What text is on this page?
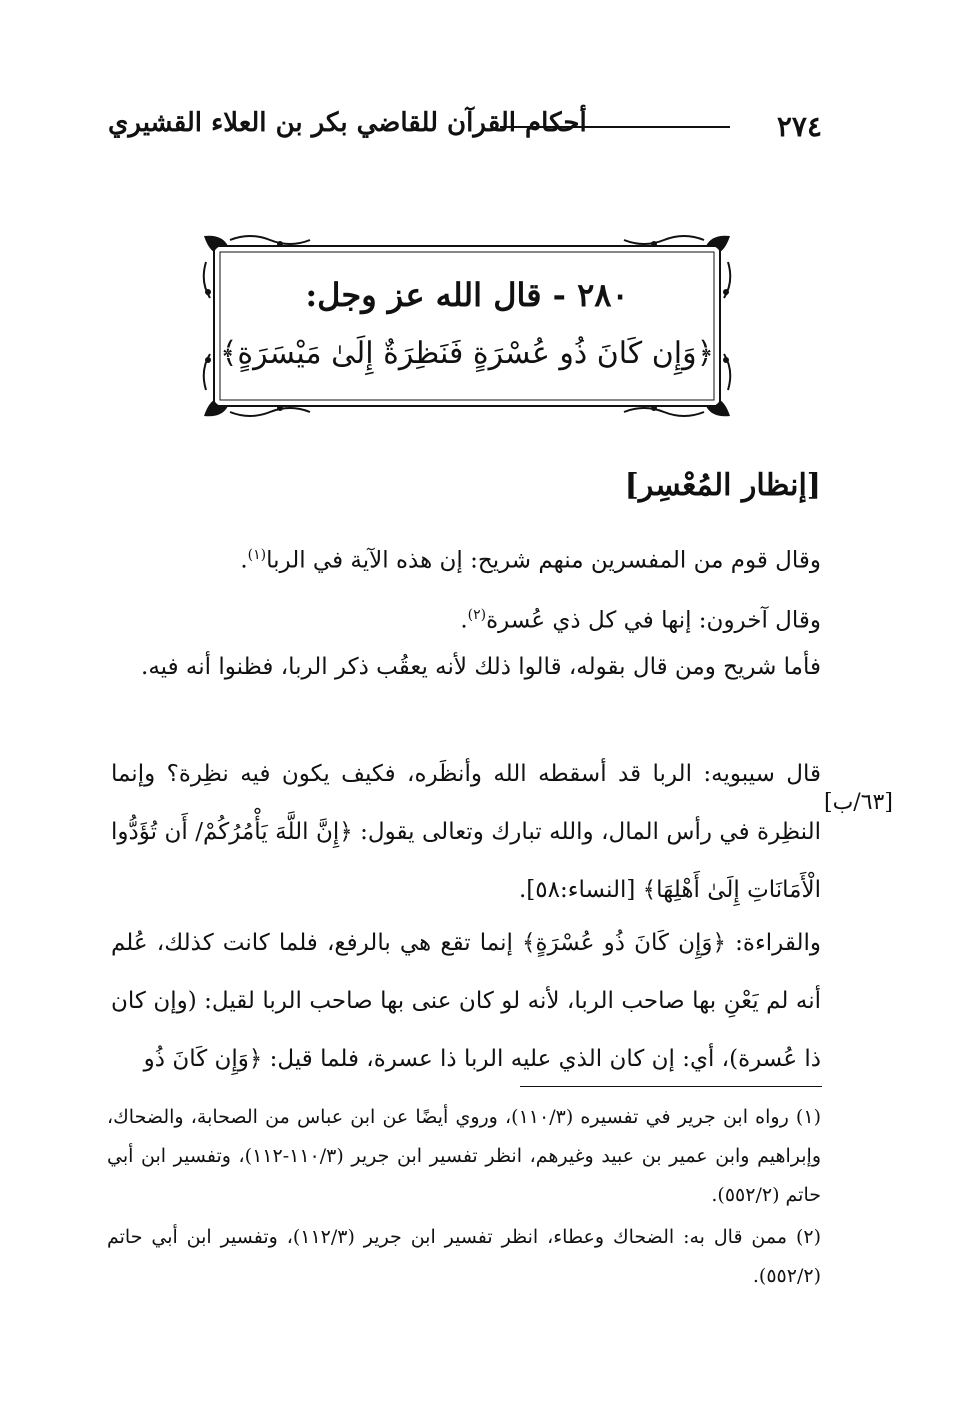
٢٧٤
أحكام القرآن للقاضي بكر بن العلاء القشيري
٢٨٠ - قال الله عز وجل:
﴿وَإِن كَانَ ذُو عُسْرَةٍ فَنَظِرَةٌ إِلَىٰ مَيْسَرَةٍ﴾
[إنظار المُعْسِر]

وقال قوم من المفسرين منهم شريح: إن هذه الآية في الربا$^{(١)}$.

وقال آخرون: إنها في كل ذي عُسرة$^{(٢)}$.

فأما شريح ومن قال بقوله، قالوا ذلك لأنه يعقُب ذكر الربا، فظنوا أنه فيه.

قال سيبويه: الربا قد أسقطه الله وأنظَره، فكيف يكون فيه نظِرة؟ وإنما النظِرة في رأس المال، والله تبارك وتعالى يقول: ﴿إِنَّ اللَّهَ يَأْمُرُكُمْ/ أَن تُؤَدُّوا الْأَمَانَاتِ إِلَىٰ أَهْلِهَا﴾ [النساء:٥٨].

[٦٣/ب]

والقراءة: ﴿وَإِن كَانَ ذُو عُسْرَةٍ﴾ إنما تقع هي بالرفع، فلما كانت كذلك، عُلم أنه لم يَعْنِ بها صاحب الربا، لأنه لو كان عنى بها صاحب الربا لقيل: (وإن كان ذا عُسرة)، أي: إن كان الذي عليه الربا ذا عسرة، فلما قيل: ﴿وَإِن كَانَ ذُو

(١) رواه ابن جرير في تفسيره (١١٠/٣)، وروي أيضًا عن ابن عباس من الصحابة، والضحاك، وإبراهيم وابن عمير بن عبيد وغيرهم، انظر تفسير ابن جرير (١١٠/٣-١١٢)، وتفسير ابن أبي حاتم (٥٥٢/٢).

(٢) ممن قال به: الضحاك وعطاء، انظر تفسير ابن جرير (١١٢/٣)، وتفسير ابن أبي حاتم (٥٥٢/٢).
